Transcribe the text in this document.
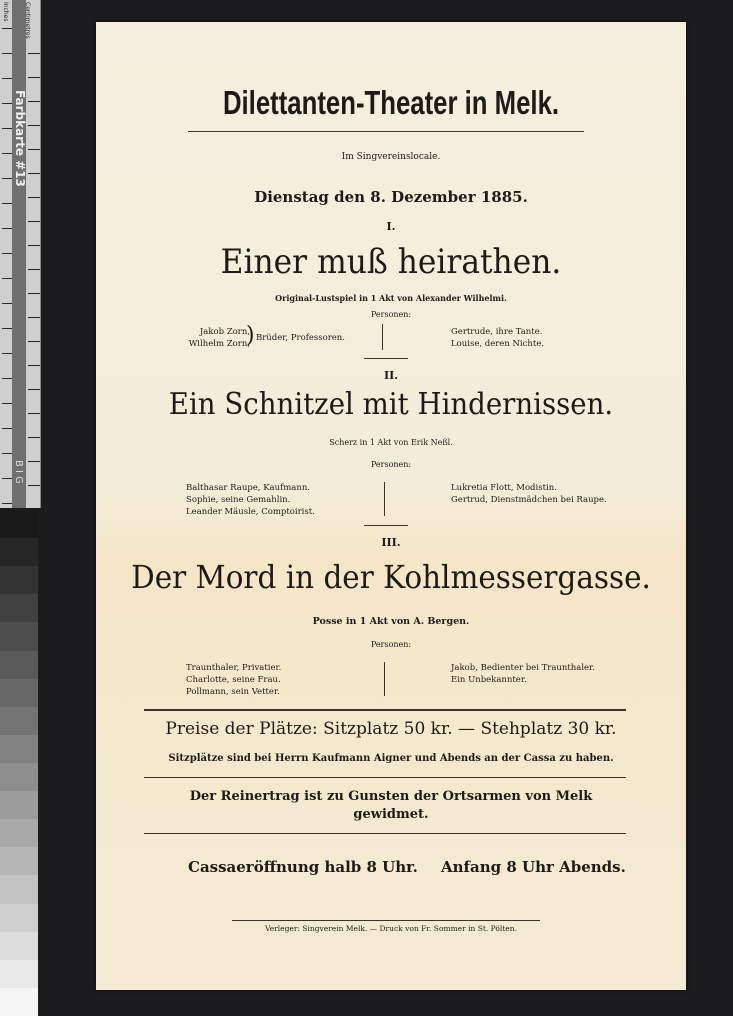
Inches	Centimetres
Farbkarte #13
B I G
Dilettanten-Theater in Melk.
Im Singvereinslocale.
Dienstag den 8. Dezember 1885.
I.
Einer muß heirathen.
Original-Lustspiel in 1 Akt von Alexander Wilhelmi.
Personen:
Jakob Zorn,
Wilhelm Zorn,
) Brüder, Professoren.
Gertrude, ihre Tante.
Louise, deren Nichte.
II.
Ein Schnitzel mit Hindernissen.
Scherz in 1 Akt von Erik Neßl.
Personen:
Balthasar Raupe, Kaufmann.
Sophie, seine Gemahlin.
Leander Mäusle, Comptoirist.
Lukretia Flott, Modistin.
Gertrud, Dienstmädchen bei Raupe.
III.
Der Mord in der Kohlmessergasse.
Posse in 1 Akt von A. Bergen.
Personen:
Traunthaler, Privatier.
Charlotte, seine Frau.
Pollmann, sein Vetter.
Jakob, Bedienter bei Traunthaler.
Ein Unbekannter.
Preise der Plätze: Sitzplatz 50 kr. — Stehplatz 30 kr.
Sitzplätze sind bei Herrn Kaufmann Aigner und Abends an der Cassa zu haben.
Der Reinertrag ist zu Gunsten der Ortsarmen von Melk
gewidmet.
Cassaeröffnung halb 8 Uhr. Anfang 8 Uhr Abends.
Verleger: Singverein Melk. — Druck von Fr. Sommer in St. Pölten.
